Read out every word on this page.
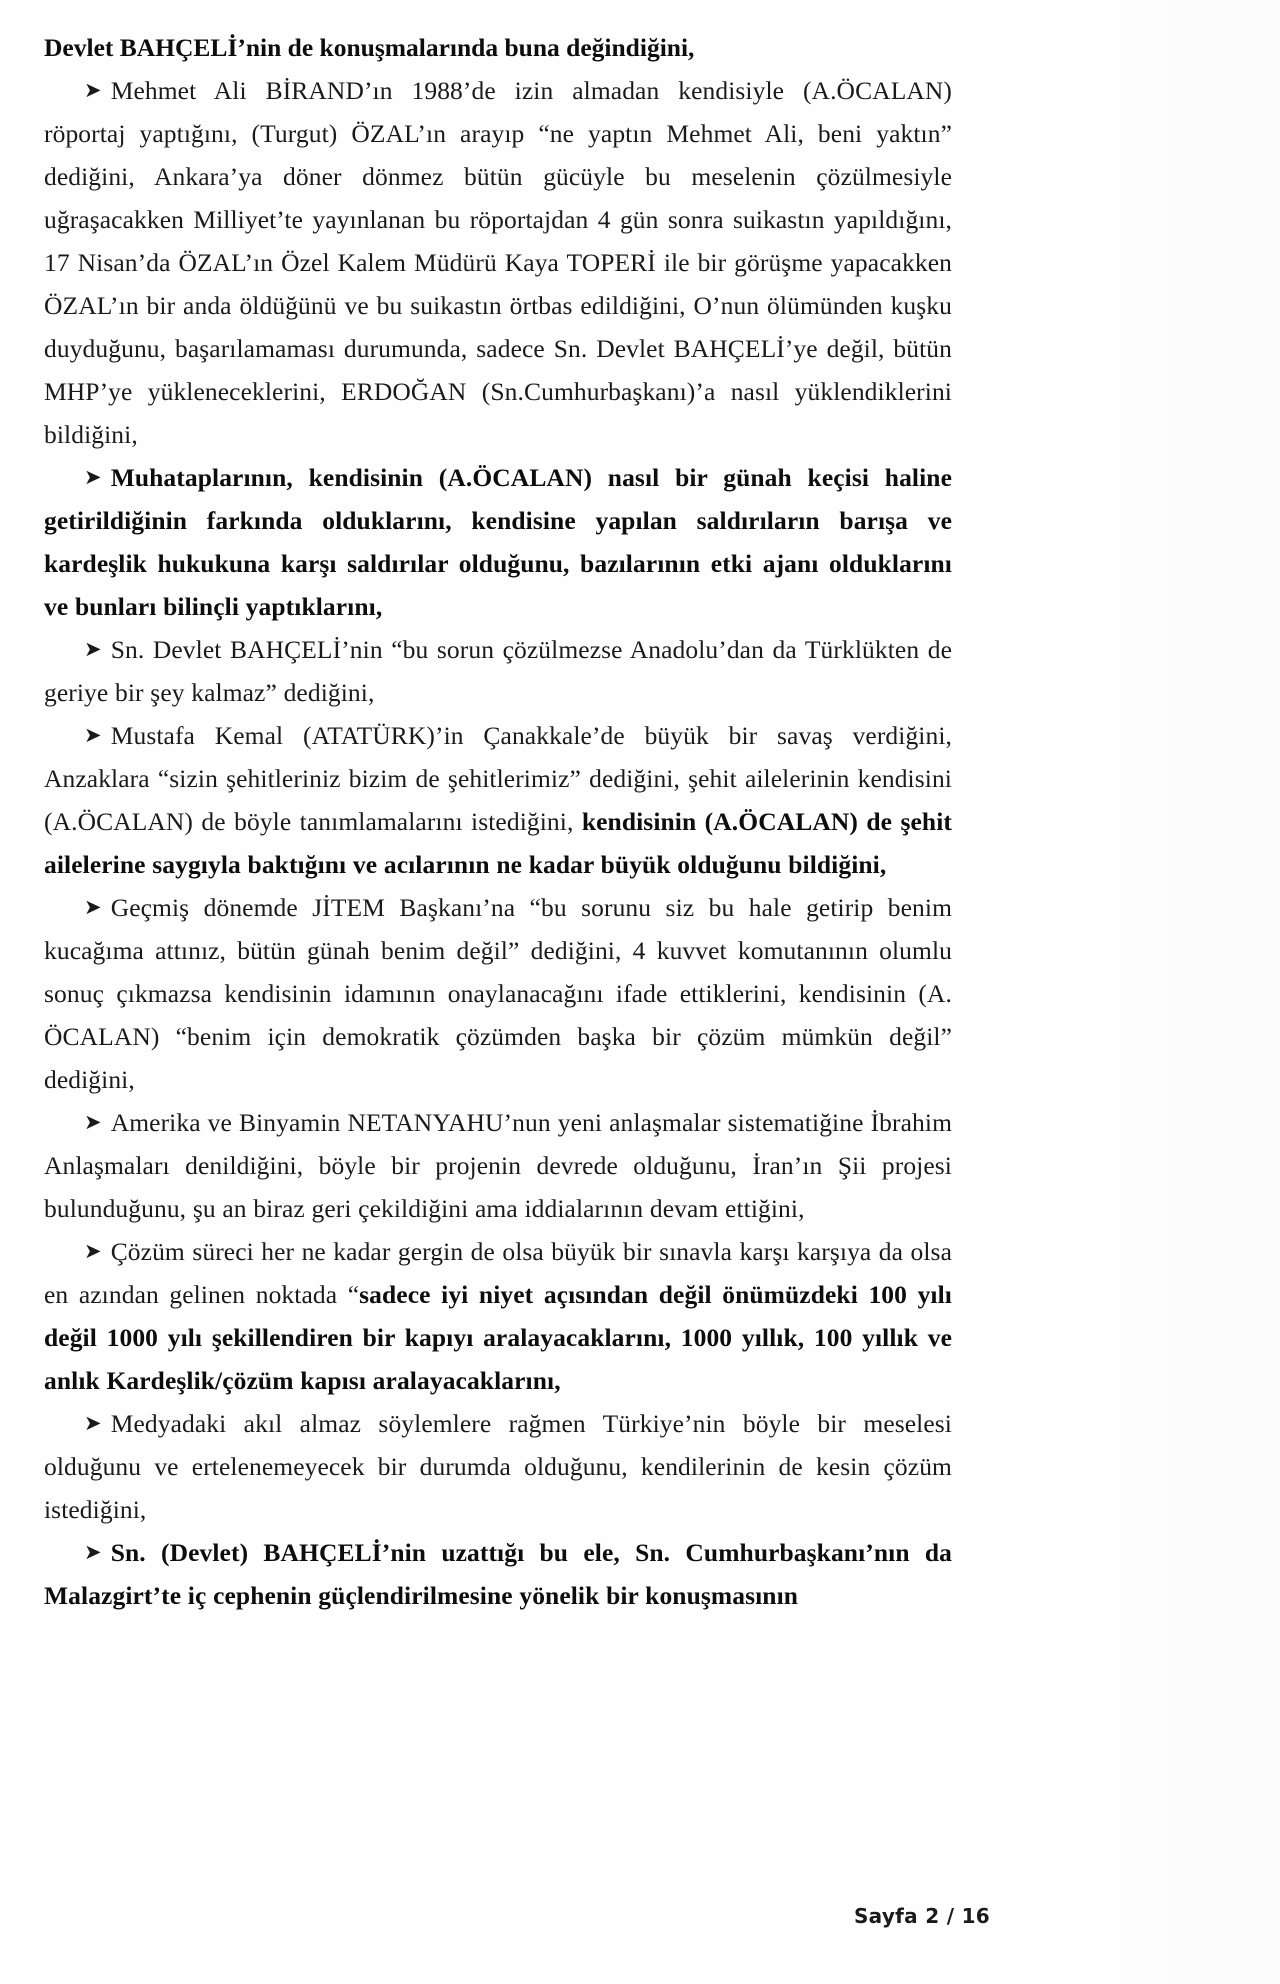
Devlet BAHÇELİ’nin de konuşmalarında buna değindiğini,

➤ Mehmet Ali BİRAND’ın 1988’de izin almadan kendisiyle (A.ÖCALAN) röportaj yaptığını, (Turgut) ÖZAL’ın arayıp “ne yaptın Mehmet Ali, beni yaktın” dediğini, Ankara’ya döner dönmez bütün gücüyle bu meselenin çözülmesiyle uğraşacakken Milliyet’te yayınlanan bu röportajdan 4 gün sonra suikastın yapıldığını, 17 Nisan’da ÖZAL’ın Özel Kalem Müdürü Kaya TOPERİ ile bir görüşme yapacakken ÖZAL’ın bir anda öldüğünü ve bu suikastın örtbas edildiğini, O’nun ölümünden kuşku duyduğunu, başarılamaması durumunda, sadece Sn. Devlet BAHÇELİ’ye değil, bütün MHP’ye yükleneceklerini, ERDOĞAN (Sn.Cumhurbaşkanı)’a nasıl yüklendiklerini bildiğini,

➤ Muhataplarının, kendisinin (A.ÖCALAN) nasıl bir günah keçisi haline getirildiğinin farkında olduklarını, kendisine yapılan saldırıların barışa ve kardeşlik hukukuna karşı saldırılar olduğunu, bazılarının etki ajanı olduklarını ve bunları bilinçli yaptıklarını,

➤ Sn. Devlet BAHÇELİ’nin “bu sorun çözülmezse Anadolu’dan da Türklükten de geriye bir şey kalmaz” dediğini,

➤ Mustafa Kemal (ATATÜRK)’in Çanakkale’de büyük bir savaş verdiğini, Anzaklara “sizin şehitleriniz bizim de şehitlerimiz” dediğini, şehit ailelerinin kendisini (A.ÖCALAN) de böyle tanımlamalarını istediğini, kendisinin (A.ÖCALAN) de şehit ailelerine saygıyla baktığını ve acılarının ne kadar büyük olduğunu bildiğini,

➤ Geçmiş dönemde JİTEM Başkanı’na “bu sorunu siz bu hale getirip benim kucağıma attınız, bütün günah benim değil” dediğini, 4 kuvvet komutanının olumlu sonuç çıkmazsa kendisinin idamının onaylanacağını ifade ettiklerini, kendisinin (A. ÖCALAN) “benim için demokratik çözümden başka bir çözüm mümkün değil” dediğini,

➤ Amerika ve Binyamin NETANYAHU’nun yeni anlaşmalar sistematiğine İbrahim Anlaşmaları denildiğini, böyle bir projenin devrede olduğunu, İran’ın Şii projesi bulunduğunu, şu an biraz geri çekildiğini ama iddialarının devam ettiğini,

➤ Çözüm süreci her ne kadar gergin de olsa büyük bir sınavla karşı karşıya da olsa en azından gelinen noktada “sadece iyi niyet açısından değil önümüzdeki 100 yılı değil 1000 yılı şekillendiren bir kapıyı aralayacaklarını, 1000 yıllık, 100 yıllık ve anlık Kardeşlik/çözüm kapısı aralayacaklarını,

➤ Medyadaki akıl almaz söylemlere rağmen Türkiye’nin böyle bir meselesi olduğunu ve ertelenemeyecek bir durumda olduğunu, kendilerinin de kesin çözüm istediğini,

➤ Sn. (Devlet) BAHÇELİ’nin uzattığı bu ele, Sn. Cumhurbaşkanı’nın da Malazgirt’te iç cephenin güçlendirilmesine yönelik bir konuşmasının

Sayfa 2 / 16
